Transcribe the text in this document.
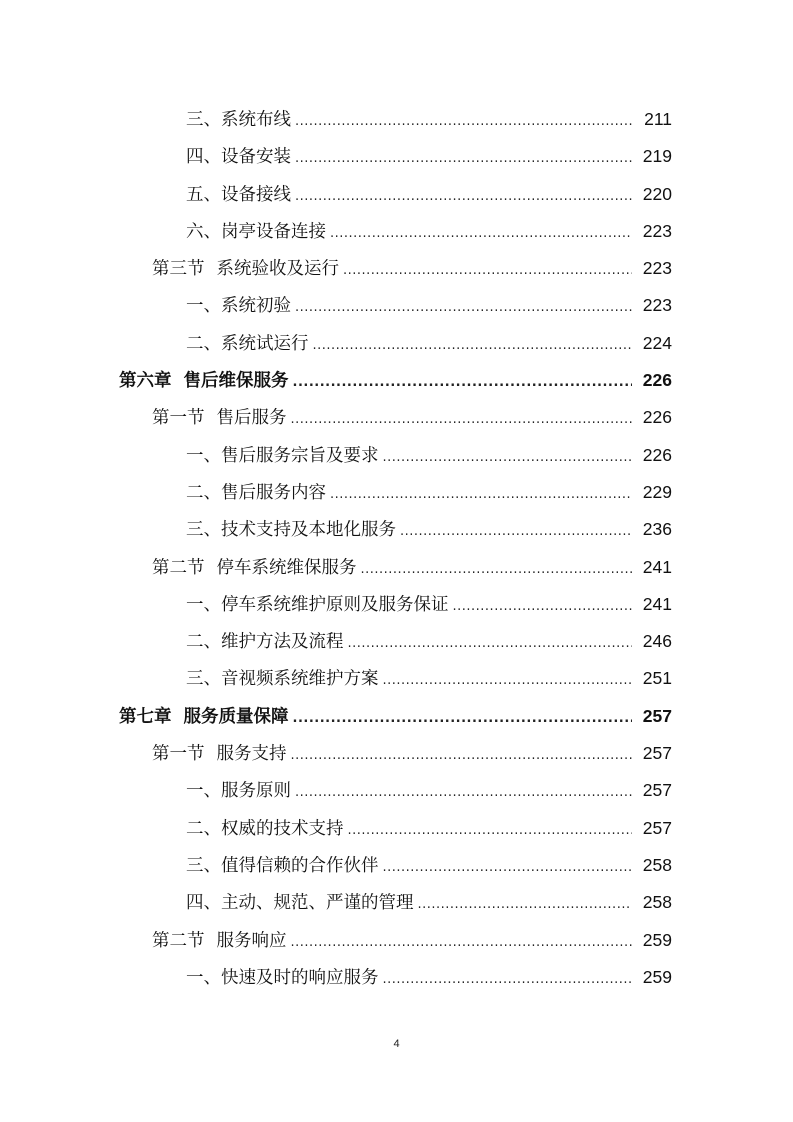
三、系统布线 .....	211
四、设备安装 .....	219
五、设备接线 .....	220
六、岗亭设备连接 .....	223
第三节 系统验收及运行 .....	223
一、系统初验 .....	223
二、系统试运行 .....	224
第六章 售后维保服务 .....	226
第一节 售后服务 .....	226
一、售后服务宗旨及要求 .....	226
二、售后服务内容 .....	229
三、技术支持及本地化服务 .....	236
第二节 停车系统维保服务 .....	241
一、停车系统维护原则及服务保证 .....	241
二、维护方法及流程 .....	246
三、音视频系统维护方案 .....	251
第七章 服务质量保障 .....	257
第一节 服务支持 .....	257
一、服务原则 .....	257
二、权威的技术支持 .....	257
三、值得信赖的合作伙伴 .....	258
四、主动、规范、严谨的管理 .....	258
第二节 服务响应 .....	259
一、快速及时的响应服务 .....	259
4
